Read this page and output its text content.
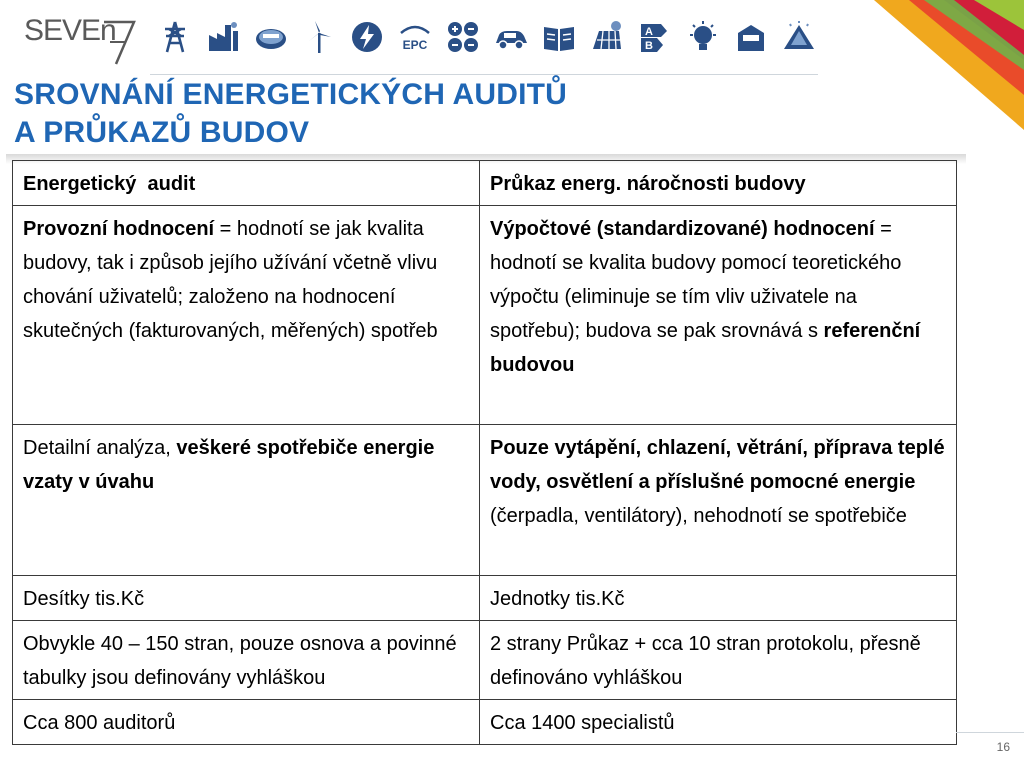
SEVEn	EPC
A
B
SROVNÁNÍ ENERGETICKÝCH AUDITŮ
A PRŮKAZŮ BUDOV
Energetický  audit	Průkaz energ. náročnosti budovy
Provozní hodnocení = hodnotí se jak kvalita budovy, tak i způsob jejího užívání včetně vlivu chování uživatelů; založeno na hodnocení skutečných (fakturovaných, měřených) spotřeb	Výpočtové (standardizované) hodnocení = hodnotí se kvalita budovy pomocí teoretického výpočtu (eliminuje se tím vliv uživatele na spotřebu); budova se pak srovnává s referenční budovou
Detailní analýza, veškeré spotřebiče energie vzaty v úvahu	Pouze vytápění, chlazení, větrání, příprava teplé vody, osvětlení a příslušné pomocné energie (čerpadla, ventilátory), nehodnotí se spotřebiče
Desítky tis.Kč	Jednotky tis.Kč
Obvykle 40 – 150 stran, pouze osnova a povinné tabulky jsou definovány vyhláškou	2 strany Průkaz + cca 10 stran protokolu, přesně definováno vyhláškou
Cca 800 auditorů	Cca 1400 specialistů
16
